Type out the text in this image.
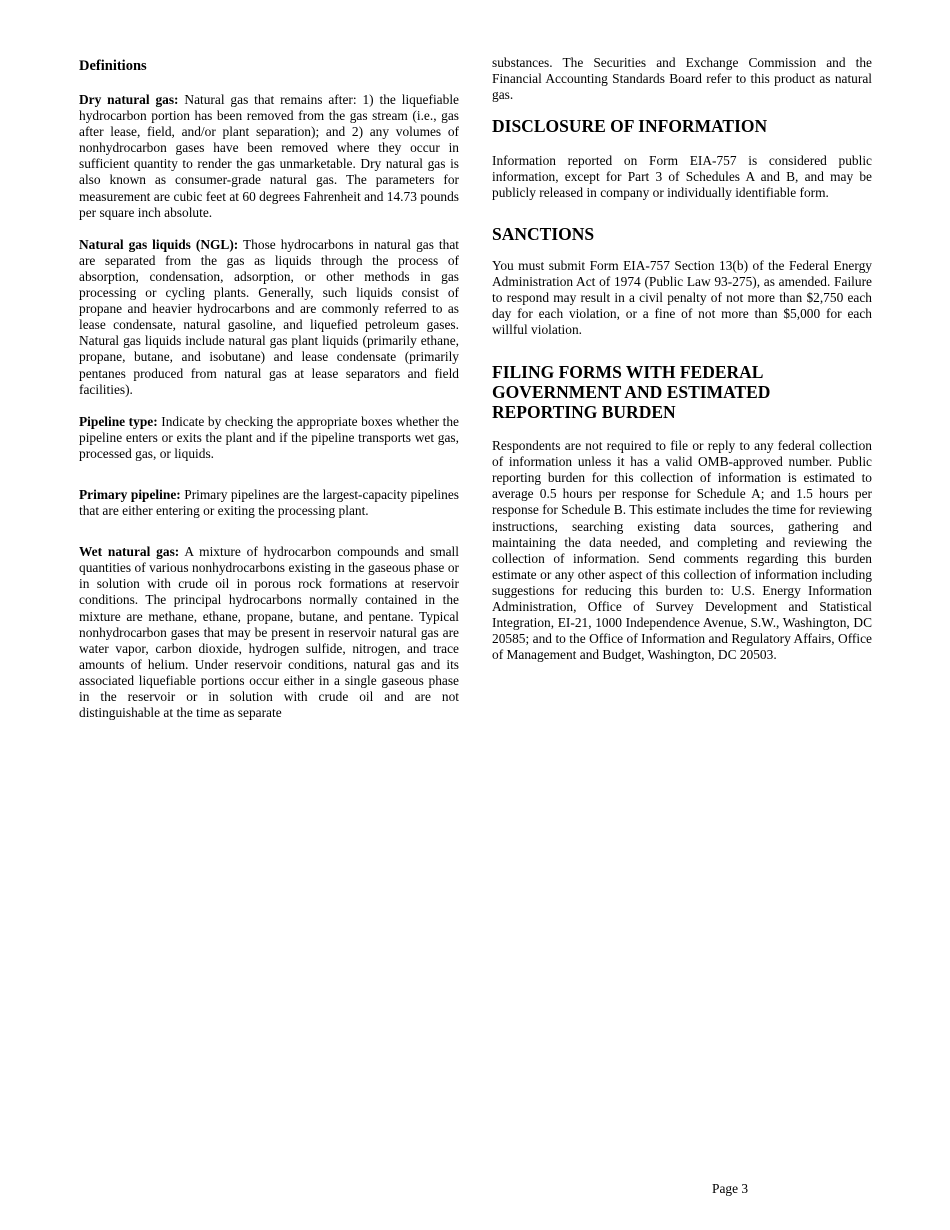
Definitions

Dry natural gas: Natural gas that remains after: 1) the liquefiable hydrocarbon portion has been removed from the gas stream (i.e., gas after lease, field, and/or plant separation); and 2) any volumes of nonhydrocarbon gases have been removed where they occur in sufficient quantity to render the gas unmarketable. Dry natural gas is also known as consumer-grade natural gas. The parameters for measurement are cubic feet at 60 degrees Fahrenheit and 14.73 pounds per square inch absolute.

Natural gas liquids (NGL): Those hydrocarbons in natural gas that are separated from the gas as liquids through the process of absorption, condensation, adsorption, or other methods in gas processing or cycling plants. Generally, such liquids consist of propane and heavier hydrocarbons and are commonly referred to as lease condensate, natural gasoline, and liquefied petroleum gases. Natural gas liquids include natural gas plant liquids (primarily ethane, propane, butane, and isobutane) and lease condensate (primarily pentanes produced from natural gas at lease separators and field facilities).

Pipeline type: Indicate by checking the appropriate boxes whether the pipeline enters or exits the plant and if the pipeline transports wet gas, processed gas, or liquids.

Primary pipeline: Primary pipelines are the largest-capacity pipelines that are either entering or exiting the processing plant.

Wet natural gas: A mixture of hydrocarbon compounds and small quantities of various nonhydrocarbons existing in the gaseous phase or in solution with crude oil in porous rock formations at reservoir conditions. The principal hydrocarbons normally contained in the mixture are methane, ethane, propane, butane, and pentane. Typical nonhydrocarbon gases that may be present in reservoir natural gas are water vapor, carbon dioxide, hydrogen sulfide, nitrogen, and trace amounts of helium. Under reservoir conditions, natural gas and its associated liquefiable portions occur either in a single gaseous phase in the reservoir or in solution with crude oil and are not distinguishable at the time as separate

substances. The Securities and Exchange Commission and the Financial Accounting Standards Board refer to this product as natural gas.

DISCLOSURE OF INFORMATION

Information reported on Form EIA-757 is considered public information, except for Part 3 of Schedules A and B, and may be publicly released in company or individually identifiable form.

SANCTIONS

You must submit Form EIA-757 Section 13(b) of the Federal Energy Administration Act of 1974 (Public Law 93-275), as amended. Failure to respond may result in a civil penalty of not more than $2,750 each day for each violation, or a fine of not more than $5,000 for each willful violation.

FILING FORMS WITH FEDERAL GOVERNMENT AND ESTIMATED REPORTING BURDEN

Respondents are not required to file or reply to any federal collection of information unless it has a valid OMB-approved number. Public reporting burden for this collection of information is estimated to average 0.5 hours per response for Schedule A; and 1.5 hours per response for Schedule B. This estimate includes the time for reviewing instructions, searching existing data sources, gathering and maintaining the data needed, and completing and reviewing the collection of information. Send comments regarding this burden estimate or any other aspect of this collection of information including suggestions for reducing this burden to: U.S. Energy Information Administration, Office of Survey Development and Statistical Integration, EI-21, 1000 Independence Avenue, S.W., Washington, DC 20585; and to the Office of Information and Regulatory Affairs, Office of Management and Budget, Washington, DC 20503.

Page 3
